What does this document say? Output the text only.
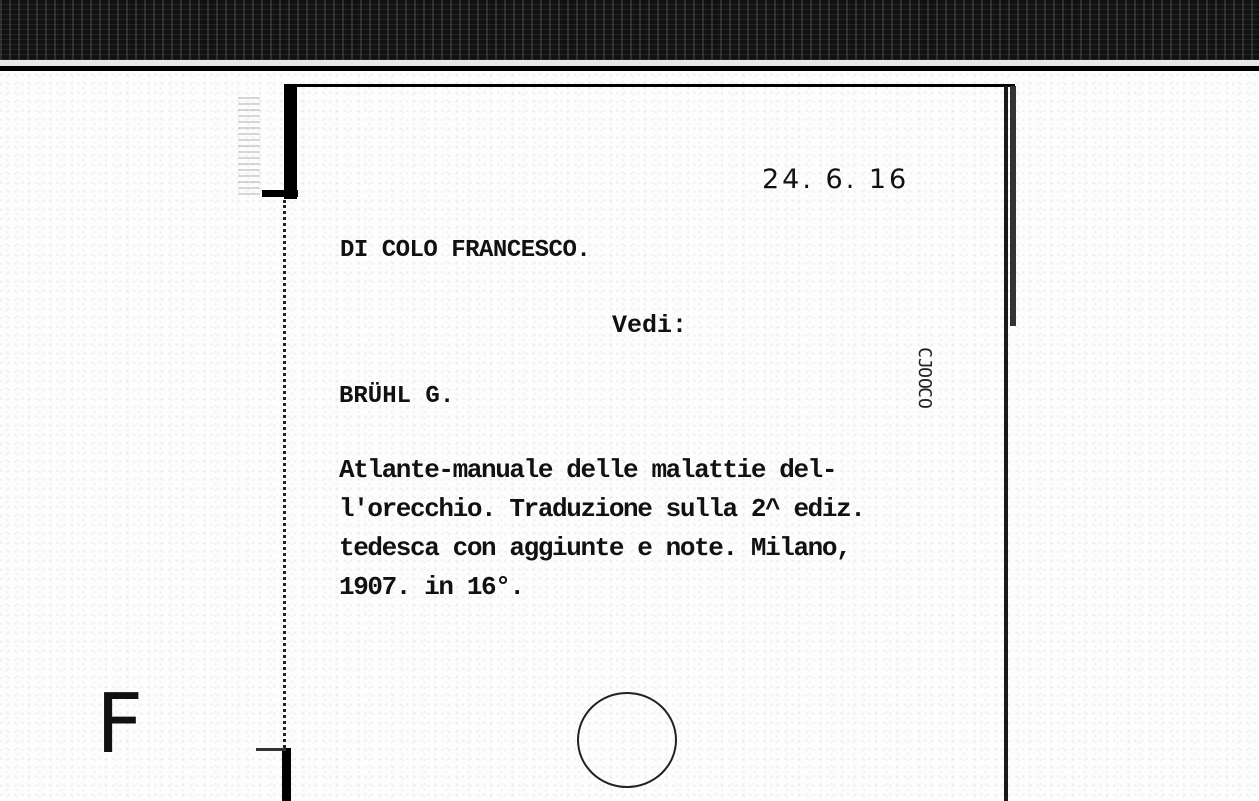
24. 6. 16

DI COLO FRANCESCO.

Vedi:

BRÜHL G.

CJ
OO
CO
Atlante-manuale delle malattie del-
l'orecchio. Traduzione sulla 2^ ediz.
tedesca con aggiunte e note. Milano,
1907. in 16°.

F
